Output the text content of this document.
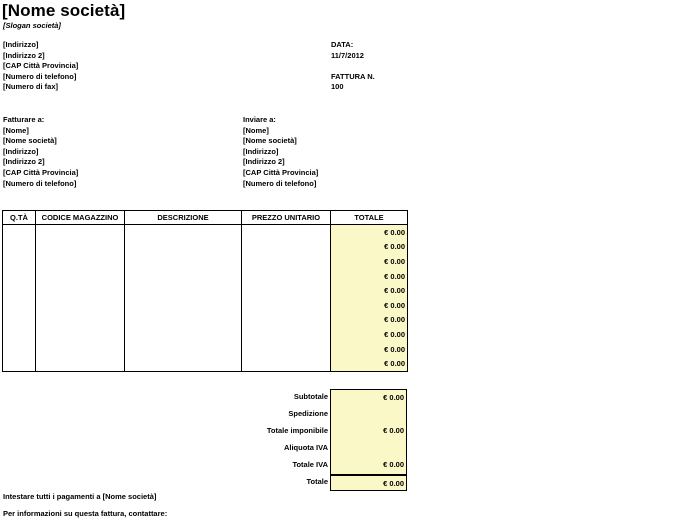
[Nome società]
[Slogan società]
[Indirizzo]
[Indirizzo 2]
[CAP Città Provincia]
[Numero di telefono]
[Numero di fax]
DATA:
11/7/2012

FATTURA N.
100
Fatturare a:
[Nome]
[Nome società]
[Indirizzo]
[Indirizzo 2]
[CAP Città Provincia]
[Numero di telefono]
Inviare a:
[Nome]
[Nome società]
[Indirizzo]
[Indirizzo 2]
[CAP Città Provincia]
[Numero di telefono]
Q.TÀ	CODICE MAGAZZINO	DESCRIZIONE	PREZZO UNITARIO	TOTALE
				€ 0.00
				€ 0.00
				€ 0.00
				€ 0.00
				€ 0.00
				€ 0.00
				€ 0.00
				€ 0.00
				€ 0.00
				€ 0.00
Subtotale	€ 0.00
Spedizione
Totale imponibile	€ 0.00
Aliquota IVA
Totale IVA	€ 0.00
Totale	€ 0.00
Intestare tutti i pagamenti a [Nome società]
Per informazioni su questa fattura, contattare:
